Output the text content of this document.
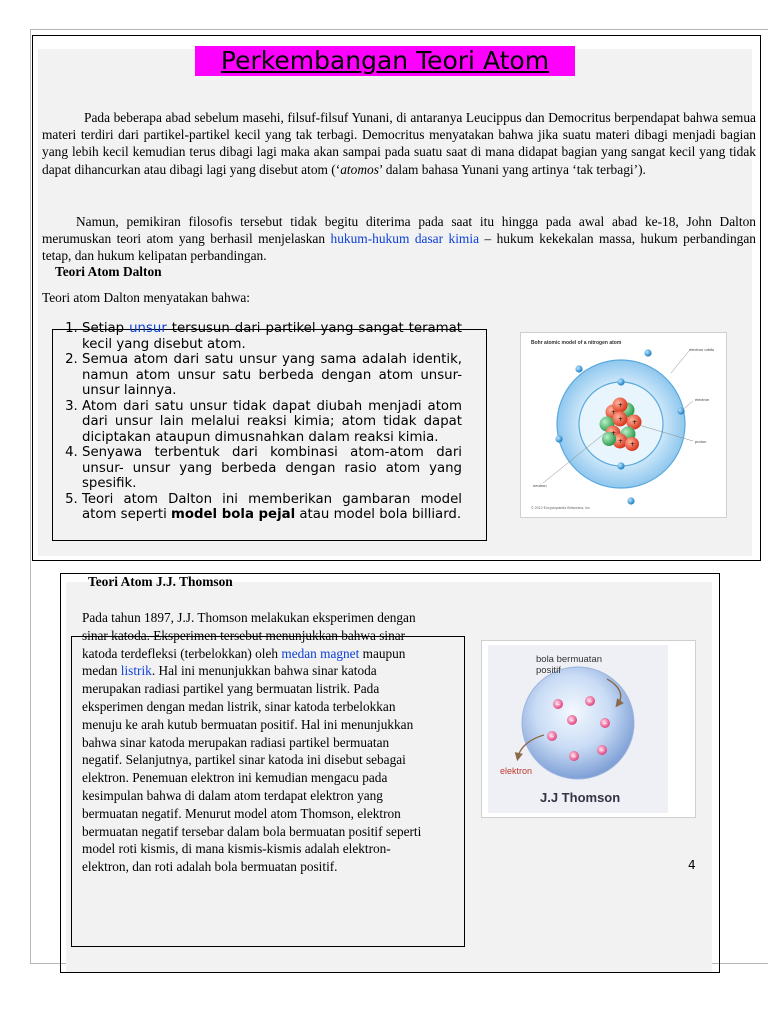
Perkembangan Teori Atom

Pada beberapa abad sebelum masehi, filsuf-filsuf Yunani, di antaranya Leucippus dan Democritus berpendapat bahwa semua materi terdiri dari partikel-partikel kecil yang tak terbagi. Democritus menyatakan bahwa jika suatu materi dibagi menjadi bagian yang lebih kecil kemudian terus dibagi lagi maka akan sampai pada suatu saat di mana didapat bagian yang sangat kecil yang tidak dapat dihancurkan atau dibagi lagi yang disebut atom (‘atomos’ dalam bahasa Yunani yang artinya ‘tak terbagi’).

Namun, pemikiran filosofis tersebut tidak begitu diterima pada saat itu hingga pada awal abad ke-18, John Dalton merumuskan teori atom yang berhasil menjelaskan hukum-hukum dasar kimia – hukum kekekalan massa, hukum perbandingan tetap, dan hukum kelipatan perbandingan.

Teori Atom Dalton
Teori atom Dalton menyatakan bahwa:
1. Setiap unsur tersusun dari partikel yang sangat teramat kecil yang disebut atom.
2. Semua atom dari satu unsur yang sama adalah identik, namun atom unsur satu berbeda dengan atom unsur-unsur lainnya.
3. Atom dari satu unsur tidak dapat diubah menjadi atom dari unsur lain melalui reaksi kimia; atom tidak dapat diciptakan ataupun dimusnahkan dalam reaksi kimia.
4. Senyawa terbentuk dari kombinasi atom-atom dari unsur- unsur yang berbeda dengan rasio atom yang spesifik.
5. Teori atom Dalton ini memberikan gambaran model atom seperti model bola pejal atau model bola billiard.
Bohr atomic model of a nitrogen atom
+
+
+
+
+
+ +
electron orbits
electron
proton
neutron
© 2012 Encyclopædia Britannica, Inc.
Teori Atom J.J. Thomson

Pada tahun 1897, J.J. Thomson melakukan eksperimen dengan sinar katoda. Eksperimen tersebut menunjukkan bahwa sinar katoda terdefleksi (terbelokkan) oleh medan magnet maupun medan listrik. Hal ini menunjukkan bahwa sinar katoda merupakan radiasi partikel yang bermuatan listrik. Pada eksperimen dengan medan listrik, sinar katoda terbelokkan menuju ke arah kutub bermuatan positif. Hal ini menunjukkan bahwa sinar katoda merupakan radiasi partikel bermuatan negatif. Selanjutnya, partikel sinar katoda ini disebut sebagai elektron. Penemuan elektron ini kemudian mengacu pada kesimpulan bahwa di dalam atom terdapat elektron yang bermuatan negatif. Menurut model atom Thomson, elektron bermuatan negatif tersebar dalam bola bermuatan positif seperti model roti kismis, di mana kismis-kismis adalah elektron-elektron, dan roti adalah bola bermuatan positif.

–	–
–	–
–
–
–
bola bermuatan
positif
elektron
J.J Thomson
4
